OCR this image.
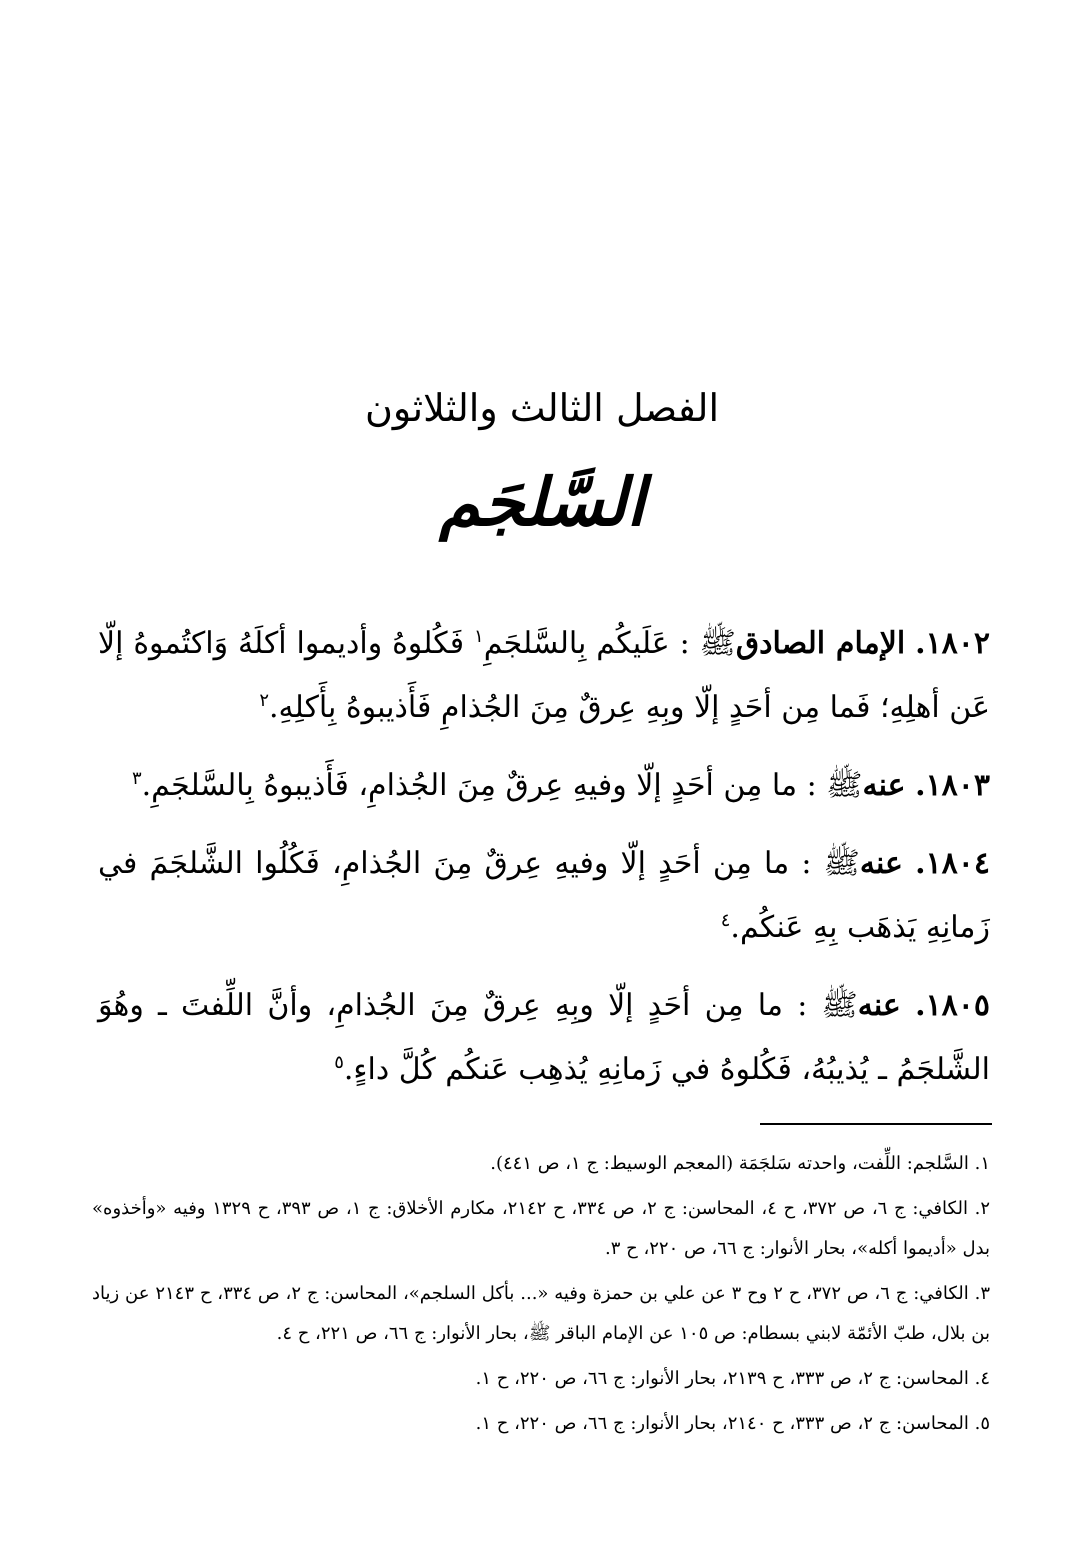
الفصل الثالث والثلاثون
السَّلجَم

١٨٠٢. الإمام الصادقﷺ : عَلَيكُم بِالسَّلجَمِ$^١$ فَكُلوهُ وأديموا أكلَهُ وَاكتُموهُ إلّا عَن أهلِهِ؛ فَما مِن أحَدٍ إلّا وبِهِ عِرقٌ مِنَ الجُذامِ فَأَذيبوهُ بِأَكلِهِ.$^٢$

١٨٠٣. عنهﷺ : ما مِن أحَدٍ إلّا وفيهِ عِرقٌ مِنَ الجُذامِ، فَأَذيبوهُ بِالسَّلجَمِ.$^٣$

١٨٠٤. عنهﷺ : ما مِن أحَدٍ إلّا وفيهِ عِرقٌ مِنَ الجُذامِ، فَكُلُوا الشَّلجَمَ في زَمانِهِ يَذهَب بِهِ عَنكُم.$^٤$

١٨٠٥. عنهﷺ : ما مِن أحَدٍ إلّا وبِهِ عِرقٌ مِنَ الجُذامِ، وأنَّ اللِّفتَ ـ وهُوَ الشَّلجَمُ ـ يُذيبُهُ، فَكُلوهُ في زَمانِهِ يُذهِب عَنكُم كُلَّ داءٍ.$^٥$

١. السَّلجم: اللِّفت، واحدته سَلجَمَة (المعجم الوسيط: ج ١، ص ٤٤١).

٢. الكافي: ج ٦، ص ٣٧٢، ح ٤، المحاسن: ج ٢، ص ٣٣٤، ح ٢١٤٢، مكارم الأخلاق: ج ١، ص ٣٩٣، ح ١٣٢٩ وفيه «وأخذوه» بدل «أديموا أكله»، بحار الأنوار: ج ٦٦، ص ٢٢٠، ح ٣.

٣. الكافي: ج ٦، ص ٣٧٢، ح ٢ وح ٣ عن علي بن حمزة وفيه «... بأكل السلجم»، المحاسن: ج ٢، ص ٣٣٤، ح ٢١٤٣ عن زياد بن بلال، طبّ الأئمّة لابني بسطام: ص ١٠٥ عن الإمام الباقر ﷺ، بحار الأنوار: ج ٦٦، ص ٢٢١، ح ٤.

٤. المحاسن: ج ٢، ص ٣٣٣، ح ٢١٣٩، بحار الأنوار: ج ٦٦، ص ٢٢٠، ح ١.

٥. المحاسن: ج ٢، ص ٣٣٣، ح ٢١٤٠، بحار الأنوار: ج ٦٦، ص ٢٢٠، ح ١.
